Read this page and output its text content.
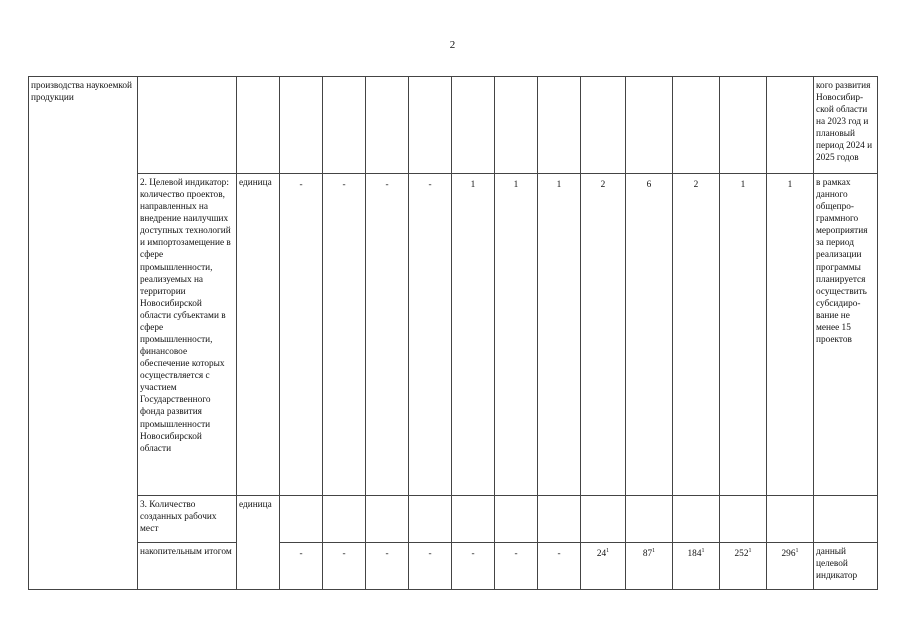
2
производства наукоемкой продукции															кого развития Новосибир-ской области на 2023 год и плановый период 2024 и 2025 годов
	2. Целевой индикатор: количество проектов, направленных на внедрение наилучших доступных технологий и импортозамещение в сфере промышленности, реализуемых на территории Новосибирской области субъектами в сфере промышленности, финансовое обеспечение которых осуществляется с участием Государственного фонда развития промышленности Новосибирской области	единица	-	-	-	-	1	1	1	2	6	2	1	1	в рамках данного общепро-граммного мероприятия за период реализации программы планируется осуществить субсидиро-вание не менее 15 проектов
	3. Количество созданных рабочих мест	единица													
	накопительным итогом		-	-	-	-	-	-	-	$24^1$	$87^1$	$184^1$	$252^1$	$296^1$	данный целевой индикатор
